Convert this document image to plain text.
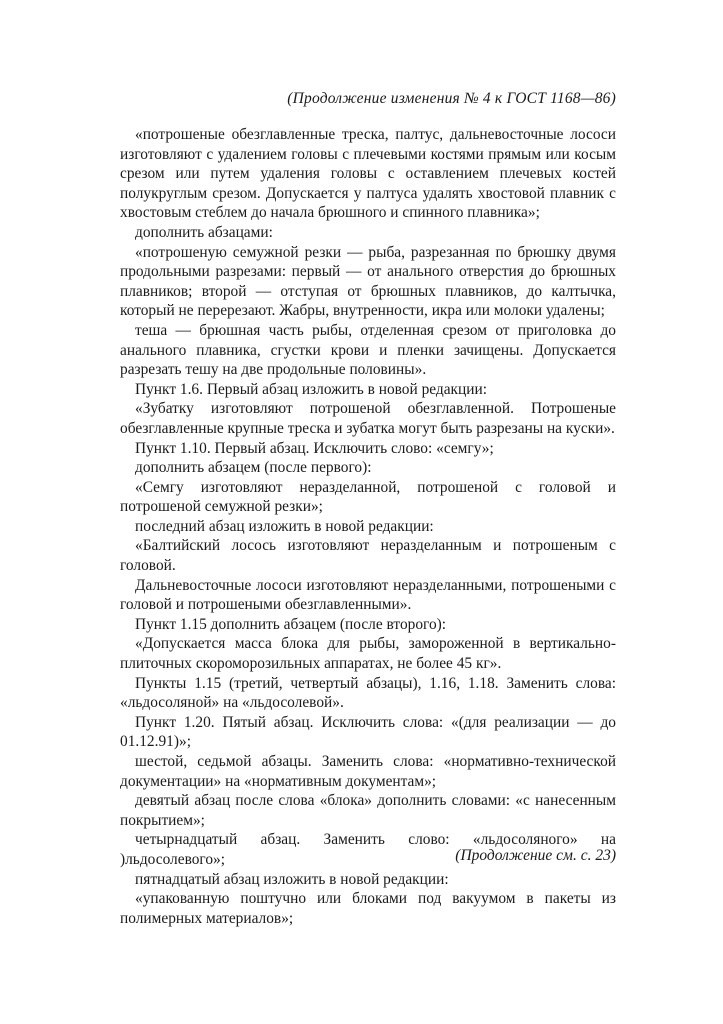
(Продолжение изменения № 4 к ГОСТ 1168—86)

«потрошеные обезглавленные треска, палтус, дальневосточные лососи изготовляют с удалением головы с плечевыми костями прямым или косым срезом или путем удаления головы с оставлением плечевых костей полукруглым срезом. Допускается у палтуса удалять хвостовой плавник с хвостовым стеблем до начала брюшного и спинного плавника»;

дополнить абзацами:

«потрошеную семужной резки — рыба, разрезанная по брюшку двумя продольными разрезами: первый — от анального отверстия до брюшных плавников; второй — отступая от брюшных плавников, до калтычка, который не перерезают. Жабры, внутренности, икра или молоки удалены;

теша — брюшная часть рыбы, отделенная срезом от приголовка до анального плавника, сгустки крови и пленки зачищены. Допускается разрезать тешу на две продольные половины».

Пункт 1.6. Первый абзац изложить в новой редакции:

«Зубатку изготовляют потрошеной обезглавленной. Потрошеные обезглавленные крупные треска и зубатка могут быть разрезаны на куски».

Пункт 1.10. Первый абзац. Исключить слово: «семгу»;

дополнить абзацем (после первого):

«Семгу изготовляют неразделанной, потрошеной с головой и потрошеной семужной резки»;

последний абзац изложить в новой редакции:

«Балтийский лосось изготовляют неразделанным и потрошеным с головой.

Дальневосточные лососи изготовляют неразделанными, потрошеными с головой и потрошеными обезглавленными».

Пункт 1.15 дополнить абзацем (после второго):

«Допускается масса блока для рыбы, замороженной в вертикально-плиточных скороморозильных аппаратах, не более 45 кг».

Пункты 1.15 (третий, четвертый абзацы), 1.16, 1.18. Заменить слова: «льдосоляной» на «льдосолевой».

Пункт 1.20. Пятый абзац. Исключить слова: «(для реализации — до 01.12.91)»;

шестой, седьмой абзацы. Заменить слова: «нормативно-технической документации» на «нормативным документам»;

девятый абзац после слова «блока» дополнить словами: «с нанесенным покрытием»;

четырнадцатый абзац. Заменить слово: «льдосоляного» на )льдосолевого»;

пятнадцатый абзац изложить в новой редакции:

«упакованную поштучно или блоками под вакуумом в пакеты из полимерных материалов»;

(Продолжение см. с. 23)
